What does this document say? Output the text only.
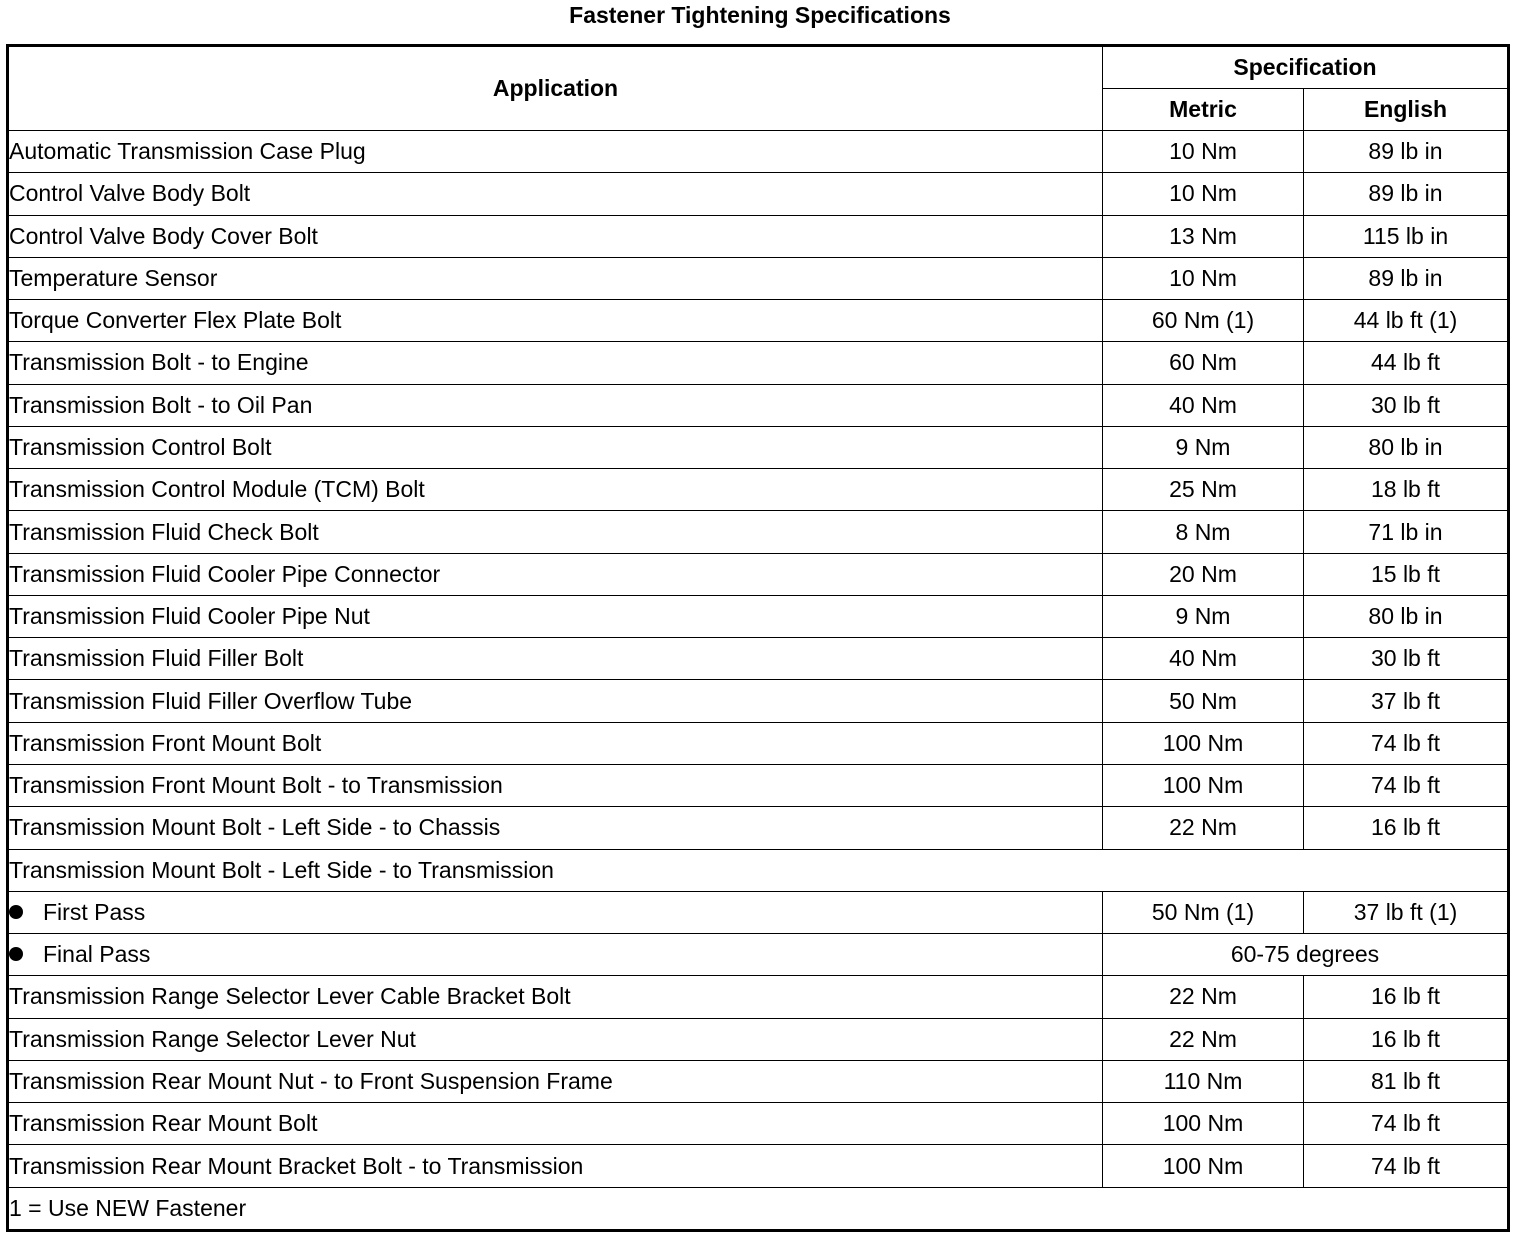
Fastener Tightening Specifications
Application	Specification	
	Metric	English
Automatic Transmission Case Plug	10 Nm	89 lb in
Control Valve Body Bolt	10 Nm	89 lb in
Control Valve Body Cover Bolt	13 Nm	115 lb in
Temperature Sensor	10 Nm	89 lb in
Torque Converter Flex Plate Bolt	60 Nm (1)	44 lb ft (1)
Transmission Bolt - to Engine	60 Nm	44 lb ft
Transmission Bolt - to Oil Pan	40 Nm	30 lb ft
Transmission Control Bolt	9 Nm	80 lb in
Transmission Control Module (TCM) Bolt	25 Nm	18 lb ft
Transmission Fluid Check Bolt	8 Nm	71 lb in
Transmission Fluid Cooler Pipe Connector	20 Nm	15 lb ft
Transmission Fluid Cooler Pipe Nut	9 Nm	80 lb in
Transmission Fluid Filler Bolt	40 Nm	30 lb ft
Transmission Fluid Filler Overflow Tube	50 Nm	37 lb ft
Transmission Front Mount Bolt	100 Nm	74 lb ft
Transmission Front Mount Bolt - to Transmission	100 Nm	74 lb ft
Transmission Mount Bolt - Left Side - to Chassis	22 Nm	16 lb ft
Transmission Mount Bolt - Left Side - to Transmission		
First Pass	50 Nm (1)	37 lb ft (1)
Final Pass	60-75 degrees	
Transmission Range Selector Lever Cable Bracket Bolt	22 Nm	16 lb ft
Transmission Range Selector Lever Nut	22 Nm	16 lb ft
Transmission Rear Mount Nut - to Front Suspension Frame	110 Nm	81 lb ft
Transmission Rear Mount Bolt	100 Nm	74 lb ft
Transmission Rear Mount Bracket Bolt - to Transmission	100 Nm	74 lb ft
1 = Use NEW Fastener		
